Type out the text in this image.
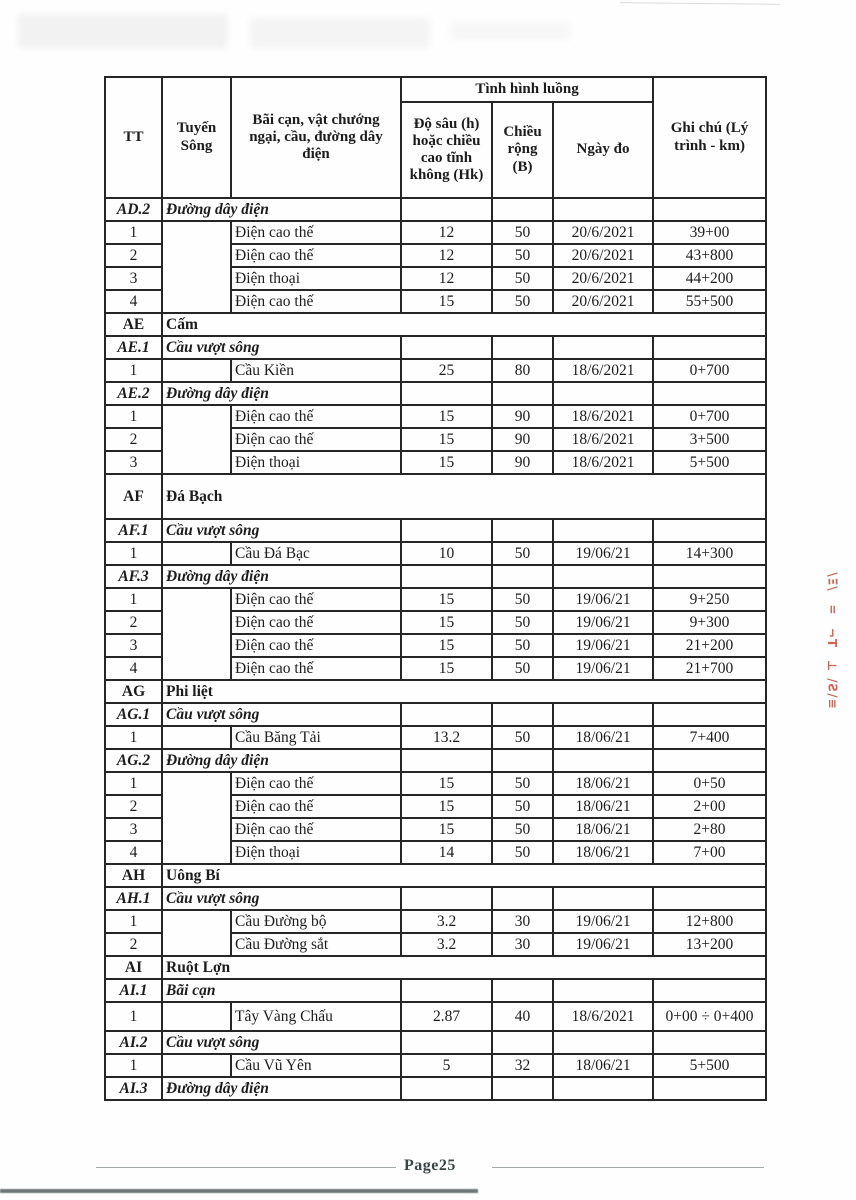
TT	Tuyến Sông	Bãi cạn, vật chướng ngại, cầu, đường dây điện	Tình hình luồng			Ghi chú (Lý trình - km)
			Độ sâu (h) hoặc chiều cao tĩnh không (Hk)	Chiều rộng (B)	Ngày đo	
AD.2	Đường dây điện					
1		Điện cao thế	12	50	20/6/2021	39+00
2		Điện cao thế	12	50	20/6/2021	43+800
3		Điện thoại	12	50	20/6/2021	44+200
4		Điện cao thế	15	50	20/6/2021	55+500
AE	Cấm					
AE.1	Cầu vượt sông					
1		Cầu Kiền	25	80	18/6/2021	0+700
AE.2	Đường dây điện					
1		Điện cao thế	15	90	18/6/2021	0+700
2		Điện cao thế	15	90	18/6/2021	3+500
3		Điện thoại	15	90	18/6/2021	5+500
AF	Đá Bạch					
AF.1	Cầu vượt sông					
1		Cầu Đá Bạc	10	50	19/06/21	14+300
AF.3	Đường dây điện					
1		Điện cao thế	15	50	19/06/21	9+250
2		Điện cao thế	15	50	19/06/21	9+300
3		Điện cao thế	15	50	19/06/21	21+200
4		Điện cao thế	15	50	19/06/21	21+700
AG	Phi liệt					
AG.1	Cầu vượt sông					
1		Cầu Băng Tải	13.2	50	18/06/21	7+400
AG.2	Đường dây điện					
1		Điện cao thế	15	50	18/06/21	0+50
2		Điện cao thế	15	50	18/06/21	2+00
3		Điện cao thế	15	50	18/06/21	2+80
4		Điện thoại	14	50	18/06/21	7+00
AH	Uông Bí					
AH.1	Cầu vượt sông					
1		Cầu Đường bộ	3.2	30	19/06/21	12+800
2		Cầu Đường sắt	3.2	30	19/06/21	13+200
AI	Ruột Lợn					
AI.1	Bãi cạn					
1		Tây Vàng Chấu	2.87	40	18/6/2021	0+00 ÷ 0+400
AI.2	Cầu vượt sông					
1		Cầu Vũ Yên	5	32	18/06/21	5+500
AI.3	Đường dây điện					
\Ξ\
=
¬T
⊥
/Ƨ/≡
Page25
